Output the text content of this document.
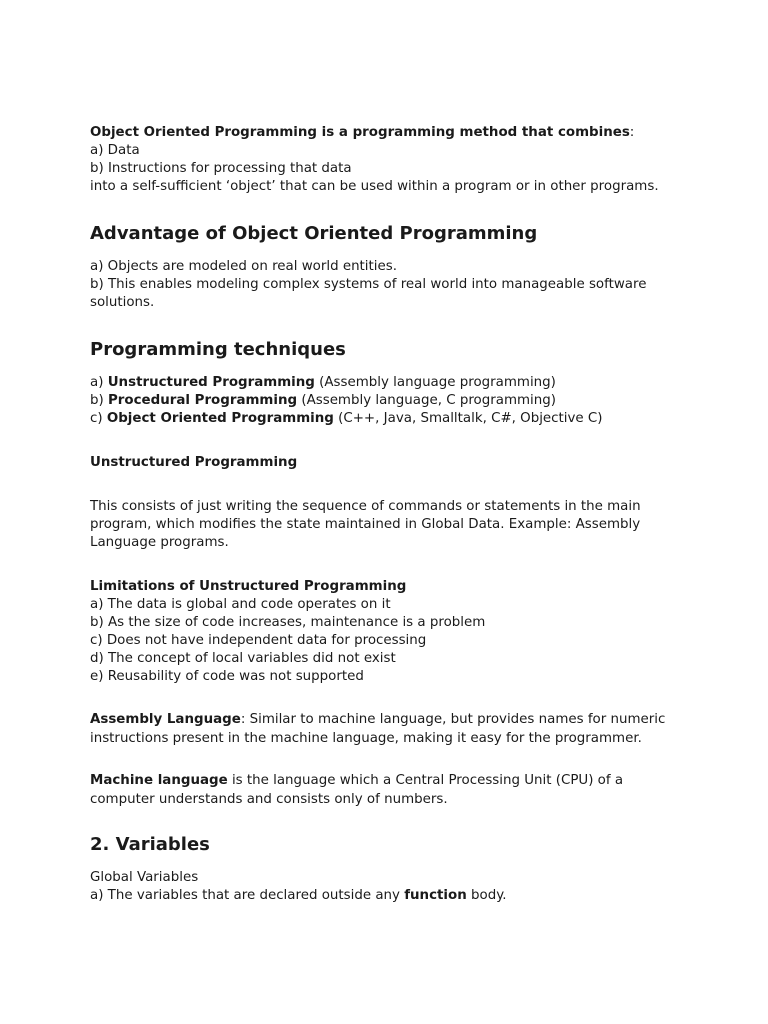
Object Oriented Programming is a programming method that combines:
a) Data
b) Instructions for processing that data
into a self-sufficient ‘object’ that can be used within a program or in other programs.

Advantage of Object Oriented Programming

a) Objects are modeled on real world entities.
b) This enables modeling complex systems of real world into manageable software
solutions.

Programming techniques

a) Unstructured Programming (Assembly language programming)
b) Procedural Programming (Assembly language, C programming)
c) Object Oriented Programming (C++, Java, Smalltalk, C#, Objective C)

Unstructured Programming

This consists of just writing the sequence of commands or statements in the main
program, which modifies the state maintained in Global Data. Example: Assembly
Language programs.

Limitations of Unstructured Programming

a) The data is global and code operates on it
b) As the size of code increases, maintenance is a problem
c) Does not have independent data for processing
d) The concept of local variables did not exist
e) Reusability of code was not supported

Assembly Language: Similar to machine language, but provides names for numeric
instructions present in the machine language, making it easy for the programmer.

Machine language is the language which a Central Processing Unit (CPU) of a
computer understands and consists only of numbers.

2. Variables

Global Variables
a) The variables that are declared outside any function body.
